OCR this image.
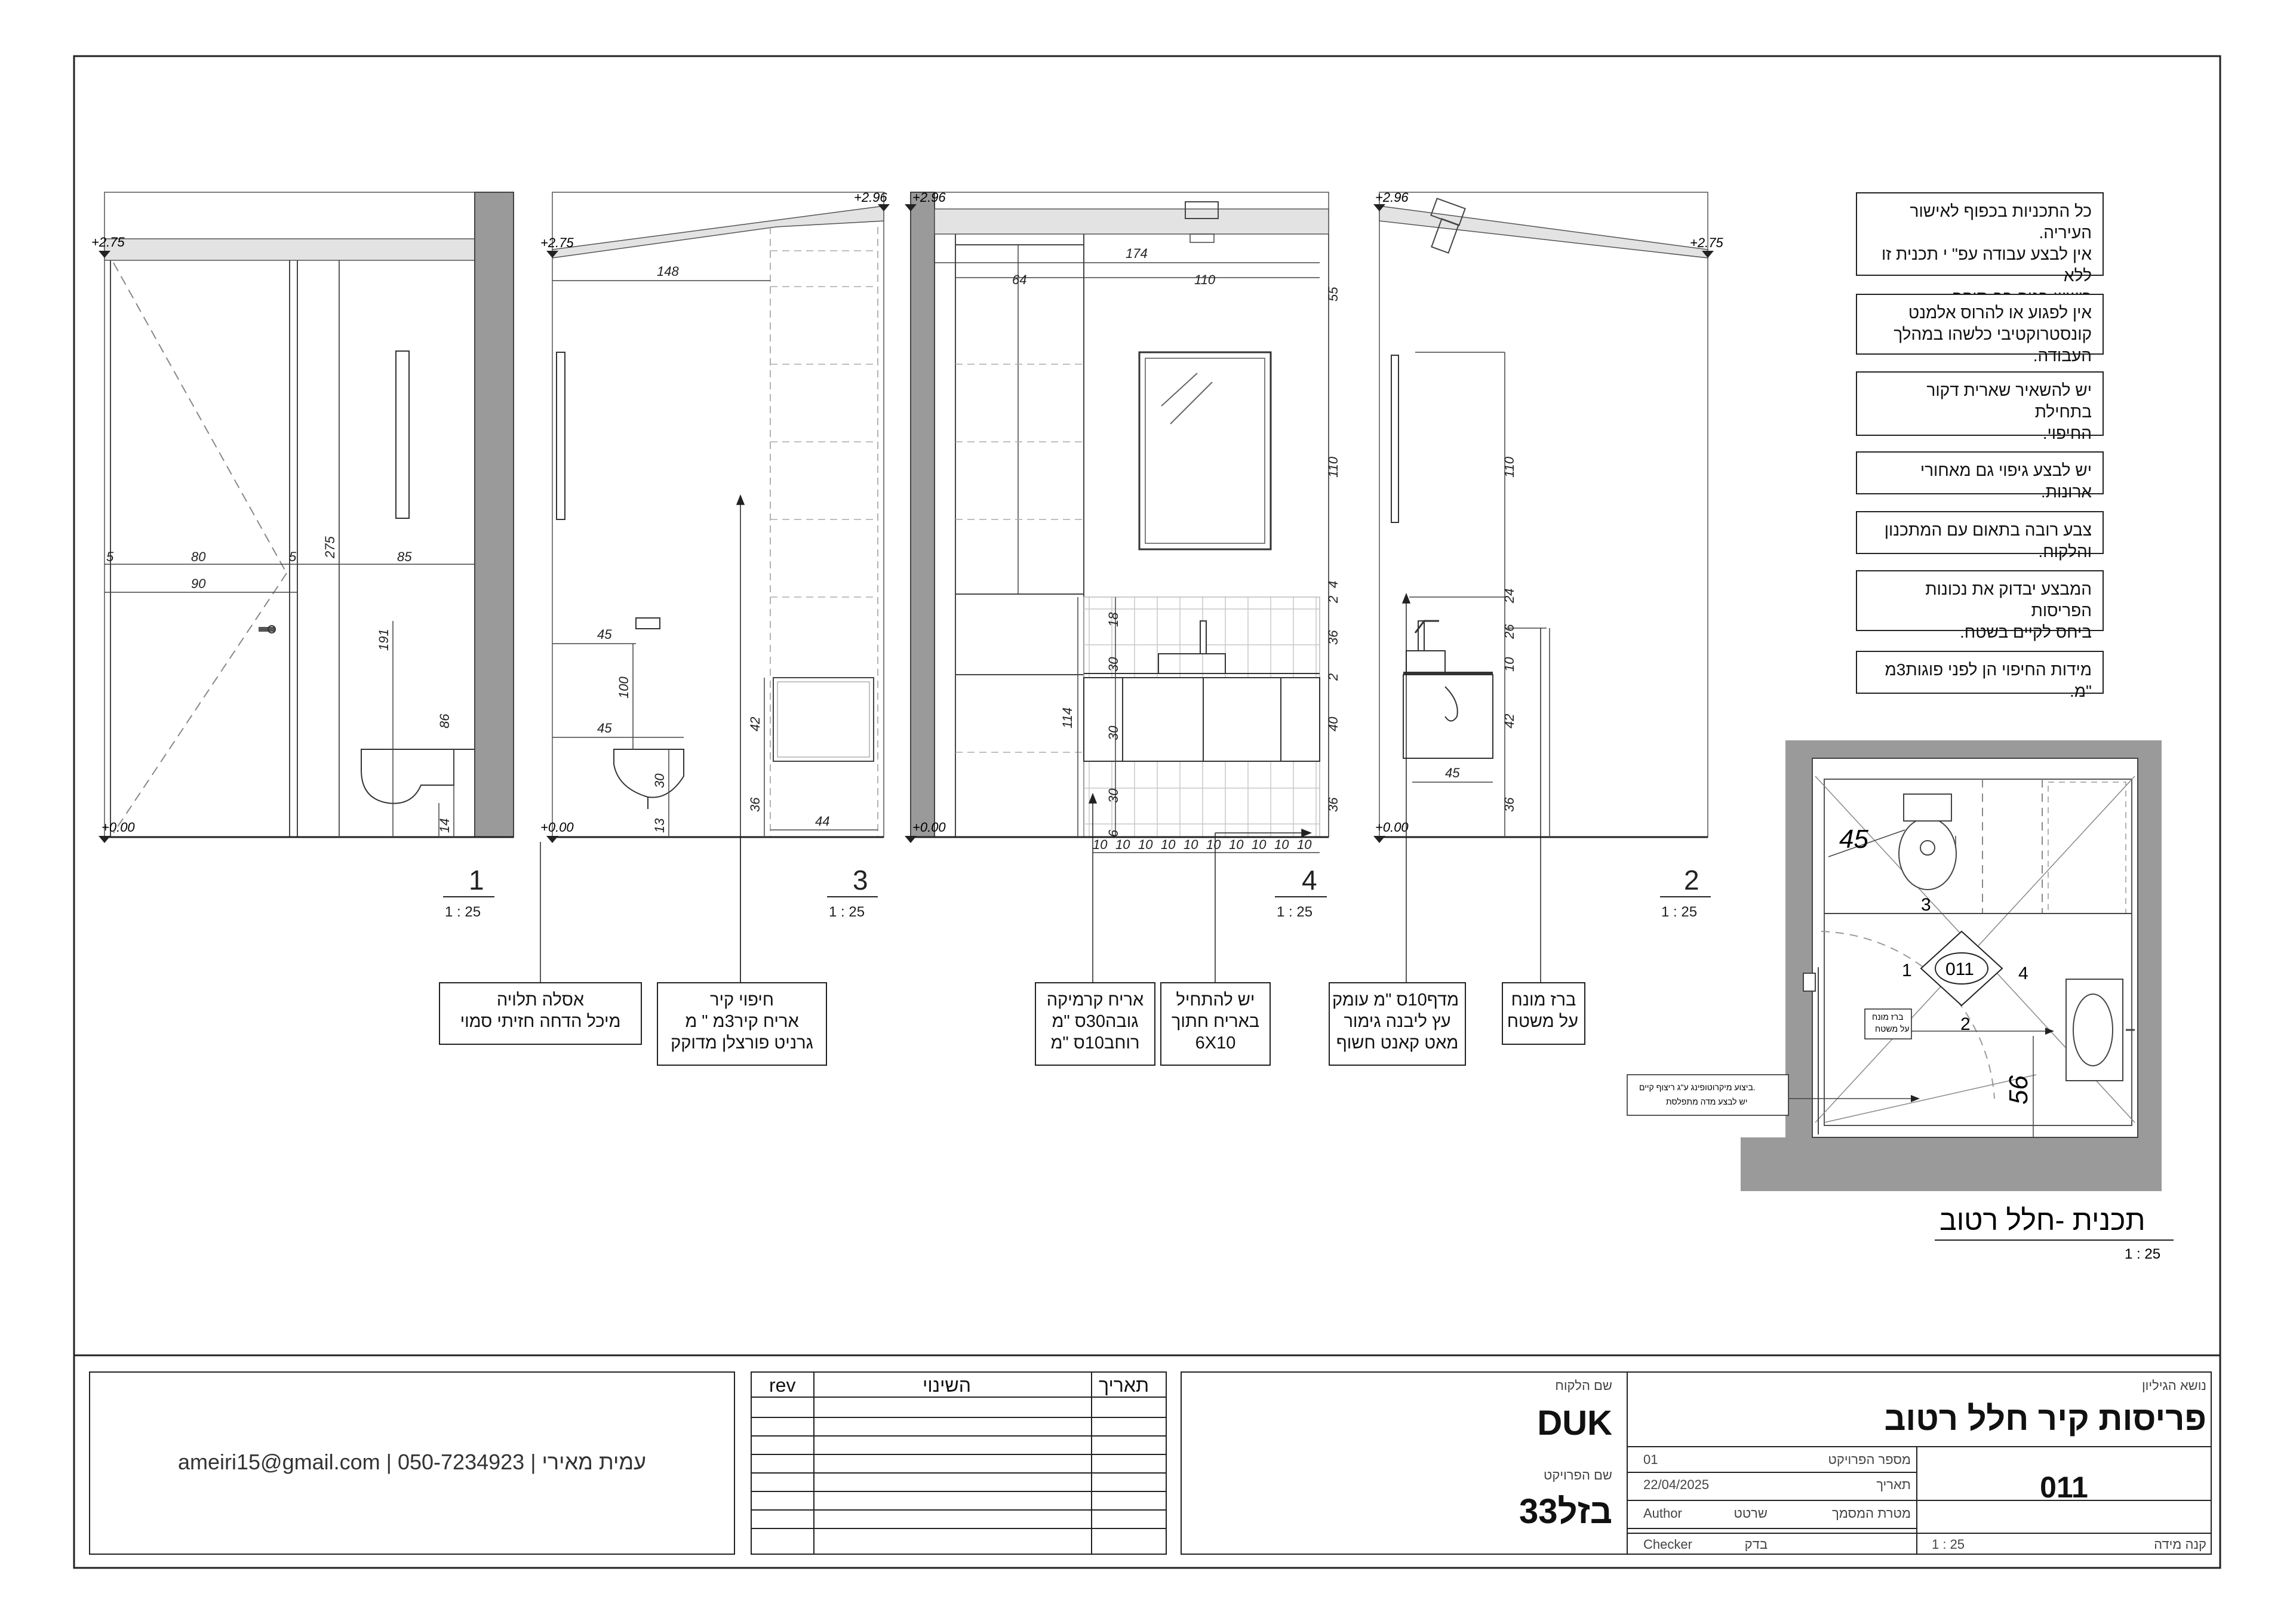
5	80	5	85
90
275
191
86
14
+2.75
+0.00
148
45
100
45
30
13
42
36
44
+2.96
+2.75
+0.00
174
64	110
55
110
4
2
18
36
30
2
30
40
114
30
36
6
10 10 10 10 10 10 10 10 10 10
+2.96
+0.00
110
24
26
10
42
45
36
+2.96
+2.75
+0.00
1
1 : 25
3
1 : 25
4
1 : 25
2
1 : 25
011
3
1	4
2
ברז מונח
על משטח
ביצוע מיקרוטופינג ע"ג ריצוף קיים.
יש לבצע מדה מתפלסת
45
56
תכנית -חלל רטוב
1 : 25
כל התכניות בכפוף לאישור העיריה.
אין לבצע עבודה עפ" י תכנית זו ללא
אין לפגוע או להרוס אלמנט
קונסטרוקטיבי כלשהו במהלך העבודה.
יש להשאיר שארית דקור בתחילת
החיפוי.
יש לבצע גיפוי גם מאחורי ארונות.
צבע רובה בתאום עם המתכנון והלקוח.
המבצע יבדוק את נכונות הפריסות
ביחס לקיים בשטח.
מידות החיפוי הן לפני פוגות3מ "מ.
אסלה תלויה
מיכל הדחה חזיתי סמוי
חיפוי קיר
אריח קיר3מ " מ
גרניט פורצלן מדוקק
אריח קרמיקה
גובה30ס "מ
רוחב10ס "מ
יש להתחיל
באריח חתוך
6X10
מדף10ס "מ עומק
עץ ליבנה גימור
מאט קאנט חשוף
ברז מונח
על משטח
ameiri15@gmail.com | 050-7234923 | עמית מאירי
rev	השינוי	תאריך	שם הלקוח
DUK
שם הפרויקט
בזל33
נושא הגיליון
פריסות קיר חלל רטוב
מספר הפרויקט
01
תאריך
22/04/2025
שרטט
Author	מטרת המסמך
בדק
Checker
011
קנה מידה
1 : 25
